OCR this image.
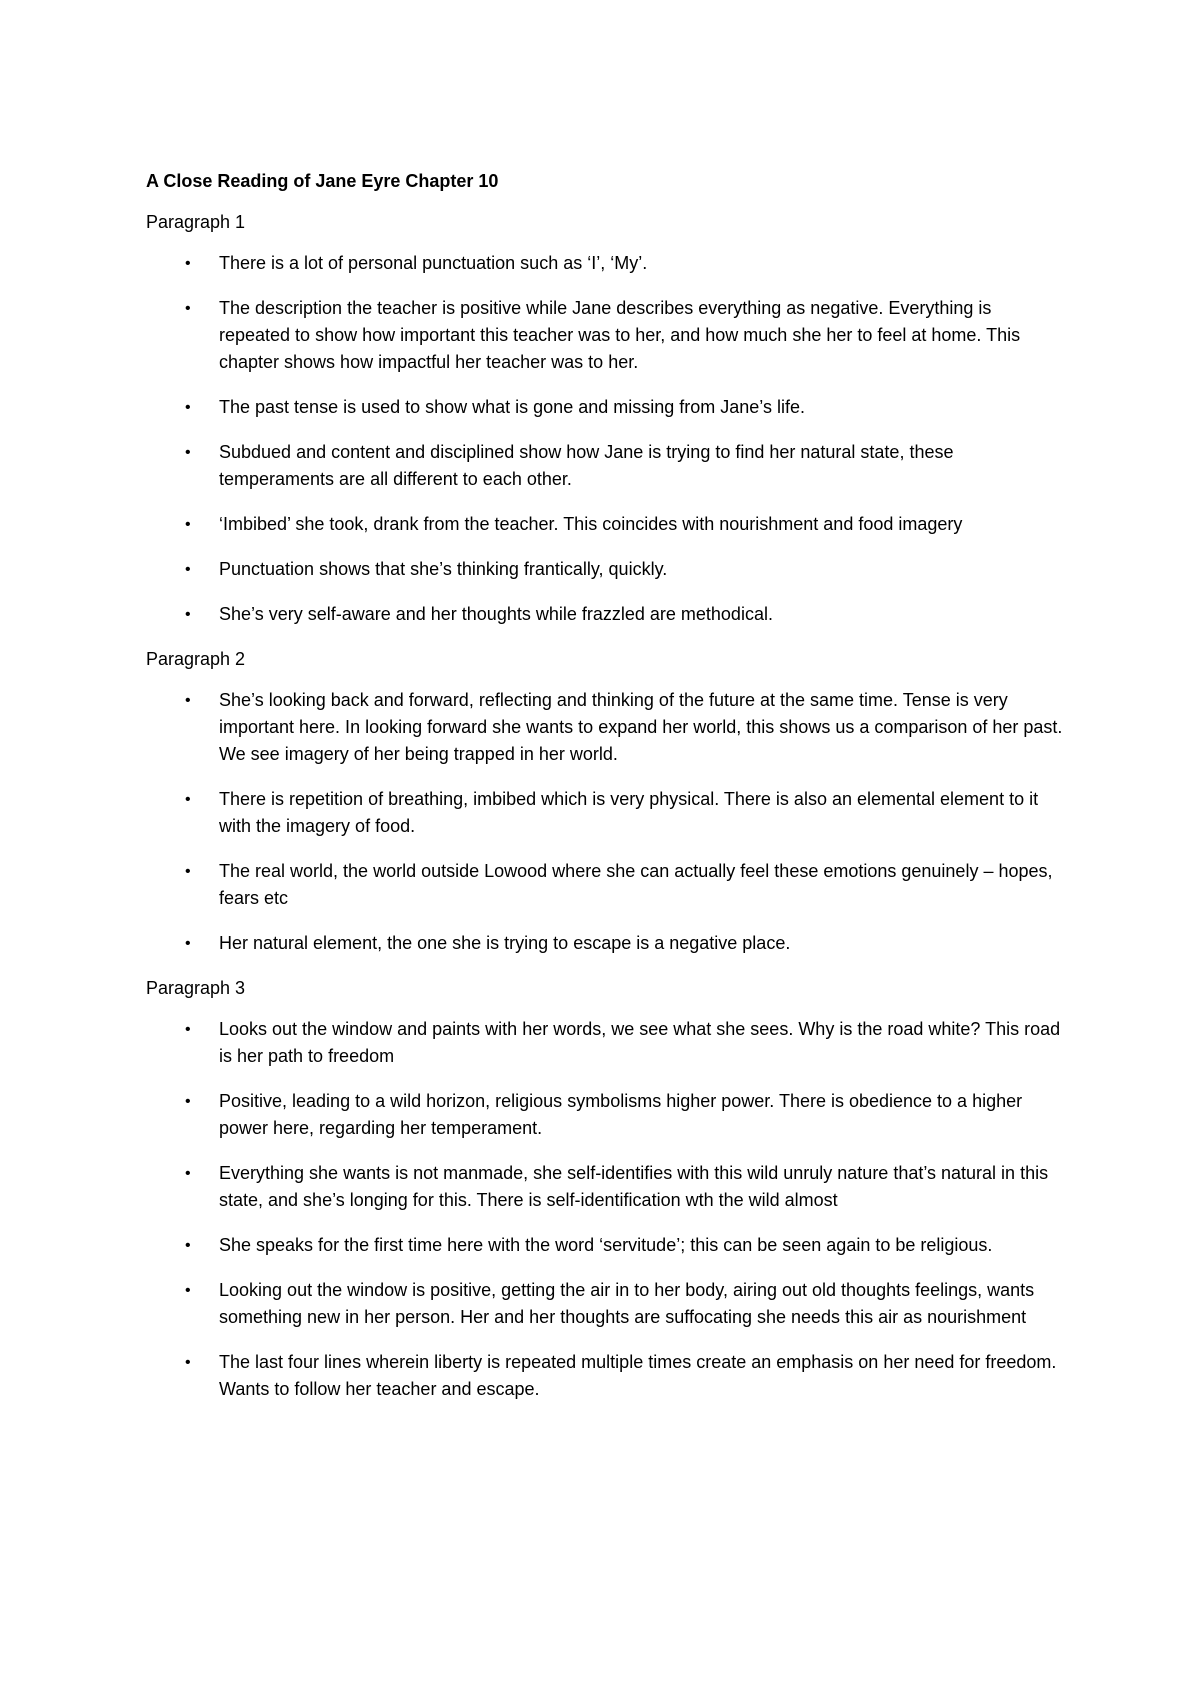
A Close Reading of Jane Eyre Chapter 10
Paragraph 1
• There is a lot of personal punctuation such as ‘I’, ‘My’.
• The description the teacher is positive while Jane describes everything as negative. Everything is repeated to show how important this teacher was to her, and how much she her to feel at home. This chapter shows how impactful her teacher was to her.
• The past tense is used to show what is gone and missing from Jane’s life.
• Subdued and content and disciplined show how Jane is trying to find her natural state, these temperaments are all different to each other.
• ‘Imbibed’ she took, drank from the teacher. This coincides with nourishment and food imagery
• Punctuation shows that she’s thinking frantically, quickly.
• She’s very self-aware and her thoughts while frazzled are methodical.
Paragraph 2
• She’s looking back and forward, reflecting and thinking of the future at the same time. Tense is very important here. In looking forward she wants to expand her world, this shows us a comparison of her past. We see imagery of her being trapped in her world.
• There is repetition of breathing, imbibed which is very physical. There is also an elemental element to it with the imagery of food.
• The real world, the world outside Lowood where she can actually feel these emotions genuinely – hopes, fears etc
• Her natural element, the one she is trying to escape is a negative place.
Paragraph 3
• Looks out the window and paints with her words, we see what she sees. Why is the road white? This road is her path to freedom
• Positive, leading to a wild horizon, religious symbolisms higher power. There is obedience to a higher power here, regarding her temperament.
• Everything she wants is not manmade, she self-identifies with this wild unruly nature that’s natural in this state, and she’s longing for this. There is self-identification wth the wild almost
• She speaks for the first time here with the word ‘servitude’; this can be seen again to be religious.
• Looking out the window is positive, getting the air in to her body, airing out old thoughts feelings, wants something new in her person. Her and her thoughts are suffocating she needs this air as nourishment
• The last four lines wherein liberty is repeated multiple times create an emphasis on her need for freedom. Wants to follow her teacher and escape.
